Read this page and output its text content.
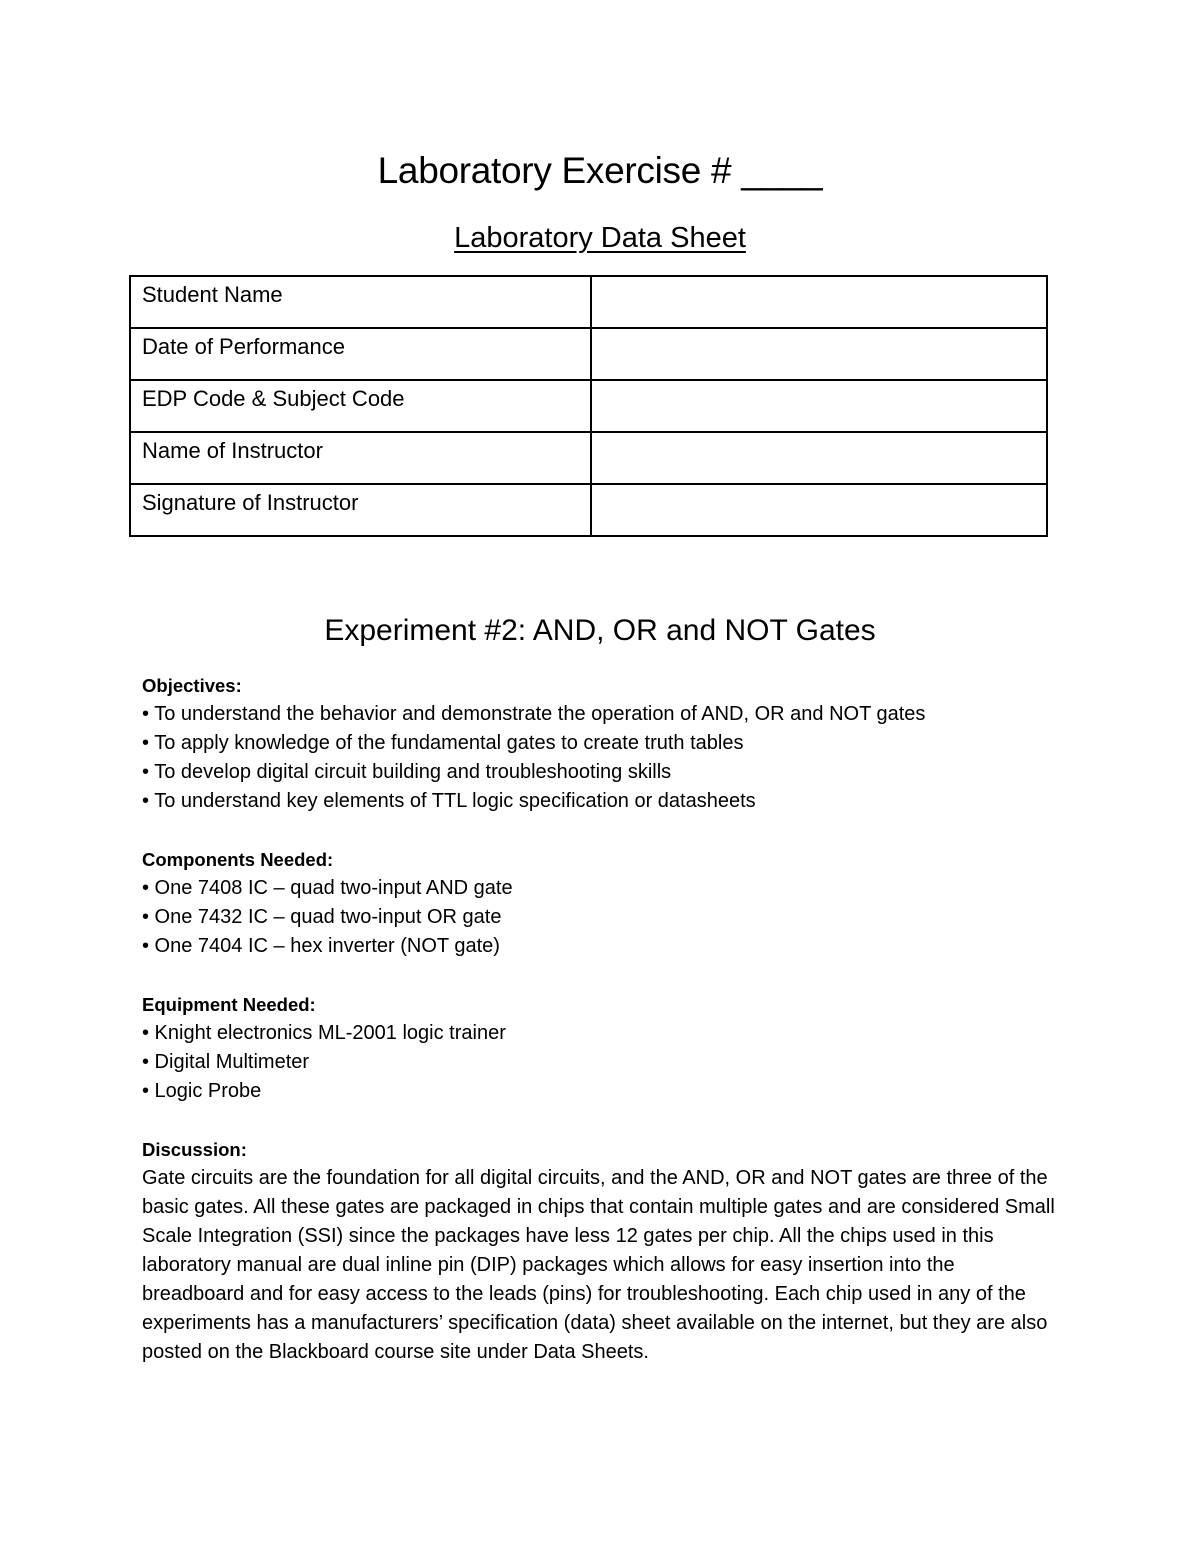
Laboratory Exercise # ____
Laboratory Data Sheet
Student Name	
Date of Performance	
EDP Code & Subject Code	
Name of Instructor	
Signature of Instructor	
Experiment #2: AND, OR and NOT Gates
Objectives:
• To understand the behavior and demonstrate the operation of AND, OR and NOT gates
• To apply knowledge of the fundamental gates to create truth tables
• To develop digital circuit building and troubleshooting skills
• To understand key elements of TTL logic specification or datasheets
Components Needed:
• One 7408 IC – quad two-input AND gate
• One 7432 IC – quad two-input OR gate
• One 7404 IC – hex inverter (NOT gate)
Equipment Needed:
• Knight electronics ML-2001 logic trainer
• Digital Multimeter
• Logic Probe
Discussion:

Gate circuits are the foundation for all digital circuits, and the AND, OR and NOT gates are three of the basic gates. All these gates are packaged in chips that contain multiple gates and are considered Small Scale Integration (SSI) since the packages have less 12 gates per chip. All the chips used in this laboratory manual are dual inline pin (DIP) packages which allows for easy insertion into the breadboard and for easy access to the leads (pins) for troubleshooting. Each chip used in any of the experiments has a manufacturers’ specification (data) sheet available on the internet, but they are also posted on the Blackboard course site under Data Sheets.
